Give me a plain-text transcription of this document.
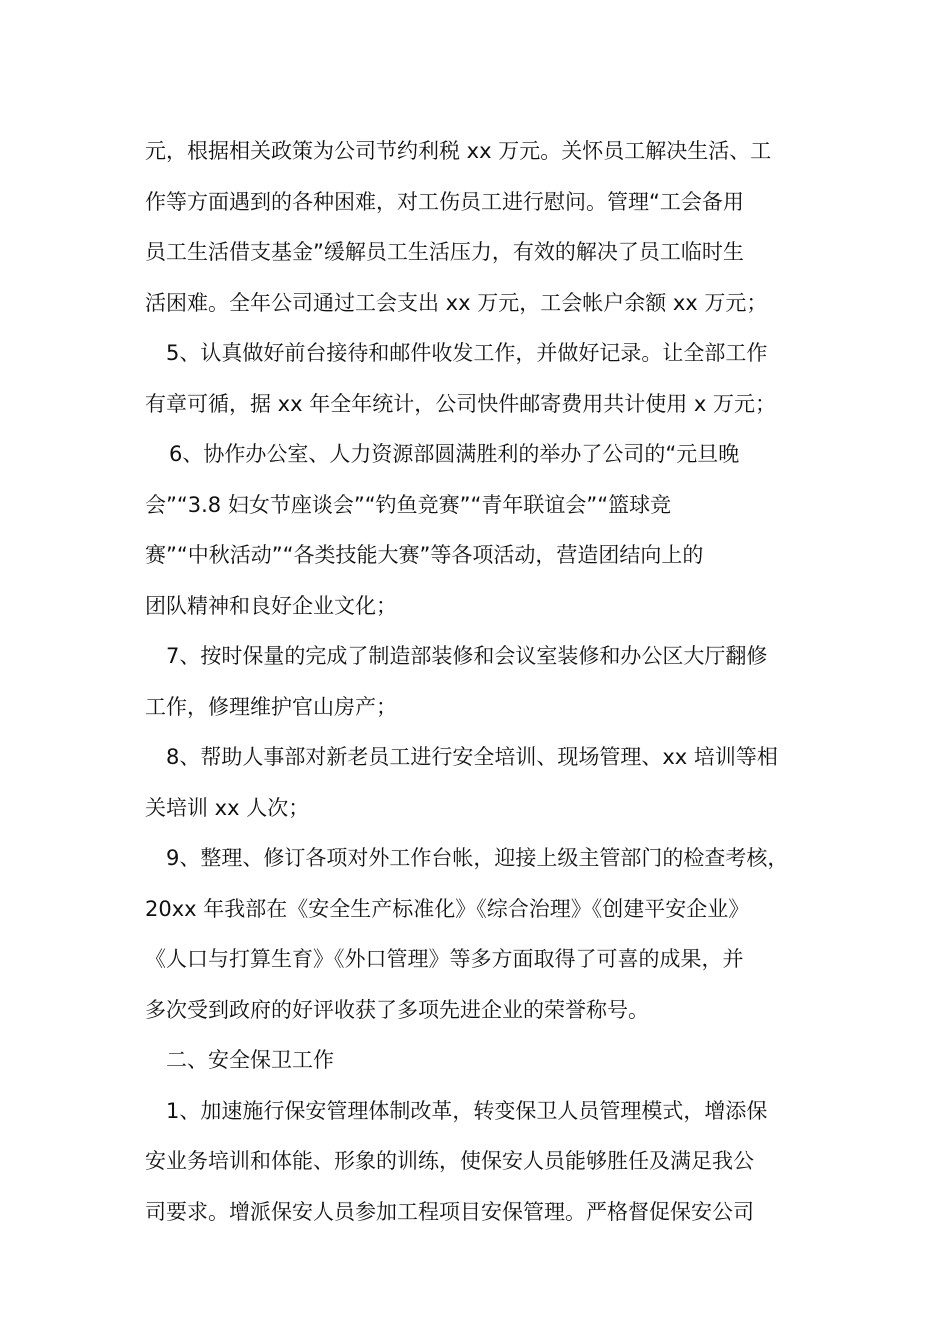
元，根据相关政策为公司节约利税 xx 万元。关怀员工解决生活、工
作等方面遇到的各种困难，对工伤员工进行慰问。管理“工会备用
员工生活借支基金”缓解员工生活压力，有效的解决了员工临时生
活困难。全年公司通过工会支出 xx 万元，工会帐户余额 xx 万元；
5、认真做好前台接待和邮件收发工作，并做好记录。让全部工作
有章可循，据 xx 年全年统计，公司快件邮寄费用共计使用 x 万元；
6、协作办公室、人力资源部圆满胜利的举办了公司的“元旦晚
会”“3.8 妇女节座谈会”“钓鱼竞赛”“青年联谊会”“篮球竞
赛”“中秋活动”“各类技能大赛”等各项活动，营造团结向上的
团队精神和良好企业文化；
7、按时保量的完成了制造部装修和会议室装修和办公区大厅翻修
工作，修理维护官山房产；
8、帮助人事部对新老员工进行安全培训、现场管理、xx 培训等相
关培训 xx 人次；
9、整理、修订各项对外工作台帐，迎接上级主管部门的检查考核，
20xx 年我部在《安全生产标准化》《综合治理》《创建平安企业》
《人口与打算生育》《外口管理》等多方面取得了可喜的成果，并
多次受到政府的好评收获了多项先进企业的荣誉称号。
二、安全保卫工作
1、加速施行保安管理体制改革，转变保卫人员管理模式，增添保
安业务培训和体能、形象的训练，使保安人员能够胜任及满足我公
司要求。增派保安人员参加工程项目安保管理。严格督促保安公司
